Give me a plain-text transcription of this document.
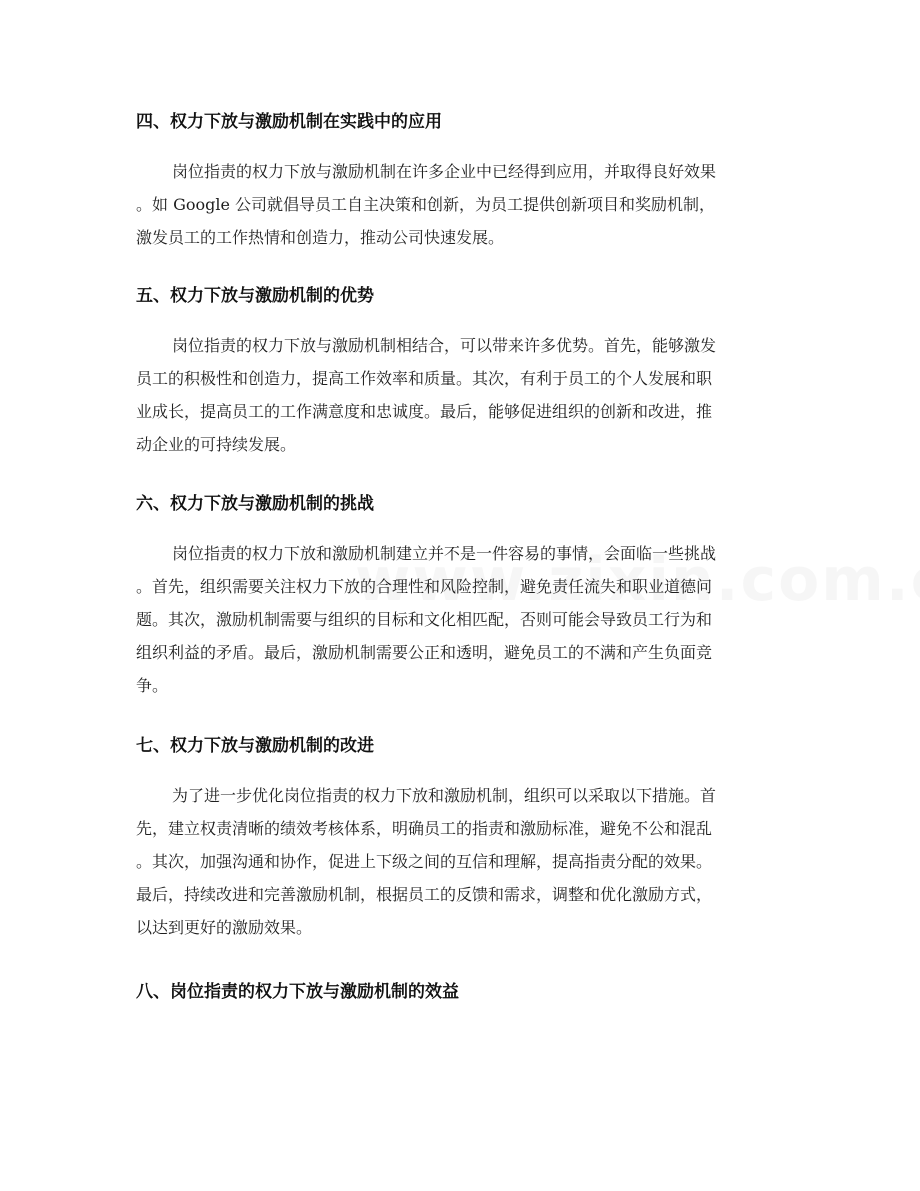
四、权力下放与激励机制在实践中的应用
岗位指责的权力下放与激励机制在许多企业中已经得到应用，并取得良好效果
。如 Google 公司就倡导员工自主决策和创新，为员工提供创新项目和奖励机制，
激发员工的工作热情和创造力，推动公司快速发展。
五、权力下放与激励机制的优势
岗位指责的权力下放与激励机制相结合，可以带来许多优势。首先，能够激发
员工的积极性和创造力，提高工作效率和质量。其次，有利于员工的个人发展和职
业成长，提高员工的工作满意度和忠诚度。最后，能够促进组织的创新和改进，推
动企业的可持续发展。
六、权力下放与激励机制的挑战
岗位指责的权力下放和激励机制建立并不是一件容易的事情，会面临一些挑战
。首先，组织需要关注权力下放的合理性和风险控制，避免责任流失和职业道德问
题。其次，激励机制需要与组织的目标和文化相匹配，否则可能会导致员工行为和
组织利益的矛盾。最后，激励机制需要公正和透明，避免员工的不满和产生负面竞
争。
七、权力下放与激励机制的改进
为了进一步优化岗位指责的权力下放和激励机制，组织可以采取以下措施。首
先，建立权责清晰的绩效考核体系，明确员工的指责和激励标准，避免不公和混乱
。其次，加强沟通和协作，促进上下级之间的互信和理解，提高指责分配的效果。
最后，持续改进和完善激励机制，根据员工的反馈和需求，调整和优化激励方式，
以达到更好的激励效果。
八、岗位指责的权力下放与激励机制的效益
